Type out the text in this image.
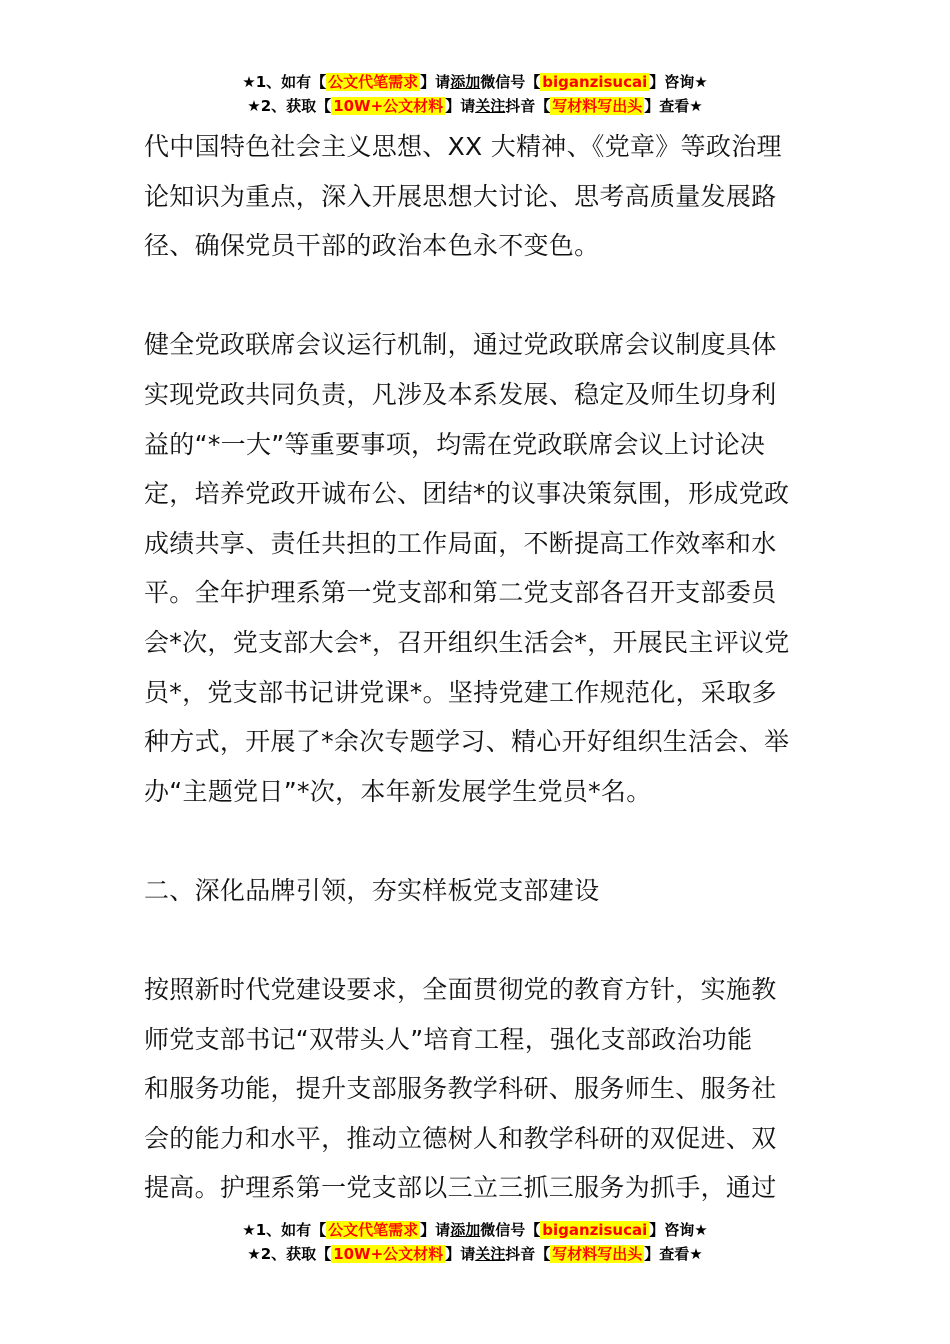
★1、如有【 公文代笔需求 】请添加微信号【 biganzisucai 】咨询★
★2、获取【 10W+公文材料 】请关注抖音【 写材料写出头 】查看★

代中国特色社会主义思想、XX 大精神、《党章》等政治理

论知识为重点，深入开展思想大讨论、思考高质量发展路

径、确保党员干部的政治本色永不变色。

健全党政联席会议运行机制，通过党政联席会议制度具体

实现党政共同负责，凡涉及本系发展、稳定及师生切身利

益的“*一大”等重要事项，均需在党政联席会议上讨论决

定，培养党政开诚布公、团结*的议事决策氛围，形成党政

成绩共享、责任共担的工作局面，不断提高工作效率和水

平。全年护理系第一党支部和第二党支部各召开支部委员

会*次，党支部大会*，召开组织生活会*，开展民主评议党

员*，党支部书记讲党课*。坚持党建工作规范化，采取多

种方式，开展了*余次专题学习、精心开好组织生活会、举

办“主题党日”*次，本年新发展学生党员*名。

二、深化品牌引领，夯实样板党支部建设

按照新时代党建设要求，全面贯彻党的教育方针，实施教

师党支部书记“双带头人”培育工程，强化支部政治功能

和服务功能，提升支部服务教学科研、服务师生、服务社

会的能力和水平，推动立德树人和教学科研的双促进、双

提高。护理系第一党支部以三立三抓三服务为抓手，通过

★1、如有【 公文代笔需求 】请添加微信号【 biganzisucai 】咨询★
★2、获取【 10W+公文材料 】请关注抖音【 写材料写出头 】查看★
